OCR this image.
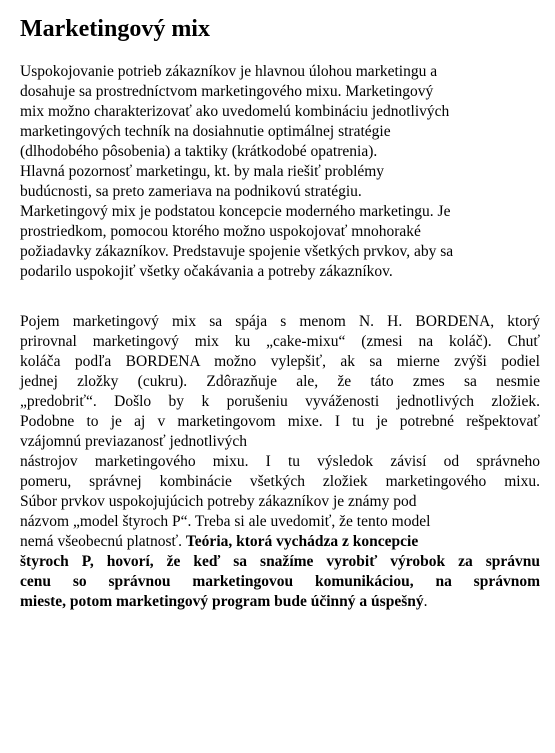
Marketingový mix
Uspokojovanie potrieb zákazníkov je hlavnou úlohou marketingu a
dosahuje sa prostredníctvom marketingového mixu. Marketingový
mix možno charakterizovať ako uvedomelú kombináciu jednotlivých
marketingových techník na dosiahnutie optimálnej stratégie
(dlhodobého pôsobenia) a taktiky (krátkodobé opatrenia).
Hlavná pozornosť marketingu, kt. by mala riešiť problémy
budúcnosti, sa preto zameriava na podnikovú stratégiu.
Marketingový mix je podstatou koncepcie moderného marketingu. Je
prostriedkom, pomocou ktorého možno uspokojovať mnohoraké
požiadavky zákazníkov. Predstavuje spojenie všetkých prvkov, aby sa
podarilo uspokojiť všetky očakávania a potreby zákazníkov.
Pojem marketingový mix sa spája s menom N. H. BORDENA, ktorý
prirovnal marketingový mix ku „cake-mixu“ (zmesi na koláč). Chuť
koláča podľa BORDENA možno vylepšiť, ak sa mierne zvýši podiel
jednej zložky (cukru). Zdôrazňuje ale, že táto zmes sa nesmie
„predobriť“. Došlo by k porušeniu vyváženosti jednotlivých zložiek.
Podobne to je aj v marketingovom mixe. I tu je potrebné rešpektovať
vzájomnú previazanosť jednotlivých
nástrojov marketingového mixu. I tu výsledok závisí od správneho
pomeru, správnej kombinácie všetkých zložiek marketingového mixu.
Súbor prvkov uspokojujúcich potreby zákazníkov je známy pod
názvom „model štyroch P“. Treba si ale uvedomiť, že tento model
nemá všeobecnú platnosť. Teória, ktorá vychádza z koncepcie
štyroch P, hovorí, že keď sa snažíme vyrobiť výrobok za správnu
cenu so správnou marketingovou komunikáciou, na správnom
mieste, potom marketingový program bude účinný a úspešný.
